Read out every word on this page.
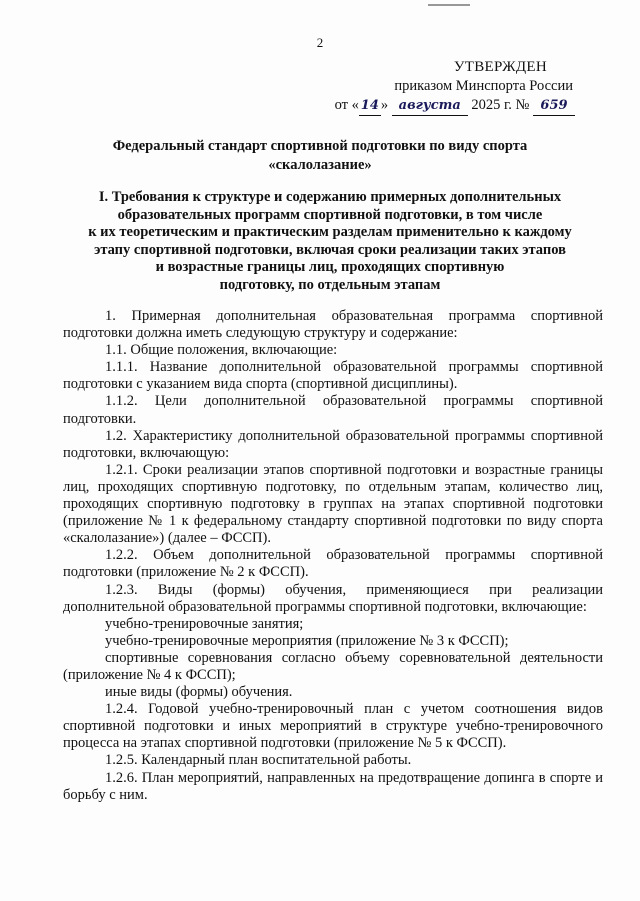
2
УТВЕРЖДЕН
приказом Минспорта России
от « 14 » августа 2025 г. № 659
Федеральный стандарт спортивной подготовки по виду спорта
«скалолазание»
I. Требования к структуре и содержанию примерных дополнительных
образовательных программ спортивной подготовки, в том числе
к их теоретическим и практическим разделам применительно к каждому
этапу спортивной подготовки, включая сроки реализации таких этапов
и возрастные границы лиц, проходящих спортивную
подготовку, по отдельным этапам

1. Примерная дополнительная образовательная программа спортивной подготовки должна иметь следующую структуру и содержание:

1.1. Общие положения, включающие:

1.1.1. Название дополнительной образовательной программы спортивной подготовки с указанием вида спорта (спортивной дисциплины).

1.1.2. Цели дополнительной образовательной программы спортивной подготовки.

1.2. Характеристику дополнительной образовательной программы спортивной подготовки, включающую:

1.2.1. Сроки реализации этапов спортивной подготовки и возрастные границы лиц, проходящих спортивную подготовку, по отдельным этапам, количество лиц, проходящих спортивную подготовку в группах на этапах спортивной подготовки (приложение № 1 к федеральному стандарту спортивной подготовки по виду спорта «скалолазание») (далее – ФССП).

1.2.2. Объем дополнительной образовательной программы спортивной подготовки (приложение № 2 к ФССП).

1.2.3. Виды (формы) обучения, применяющиеся при реализации дополнительной образовательной программы спортивной подготовки, включающие:

учебно-тренировочные занятия;

учебно-тренировочные мероприятия (приложение № 3 к ФССП);

спортивные соревнования согласно объему соревновательной деятельности (приложение № 4 к ФССП);

иные виды (формы) обучения.

1.2.4. Годовой учебно-тренировочный план с учетом соотношения видов спортивной подготовки и иных мероприятий в структуре учебно-тренировочного процесса на этапах спортивной подготовки (приложение № 5 к ФССП).

1.2.5. Календарный план воспитательной работы.

1.2.6. План мероприятий, направленных на предотвращение допинга в спорте и борьбу с ним.
